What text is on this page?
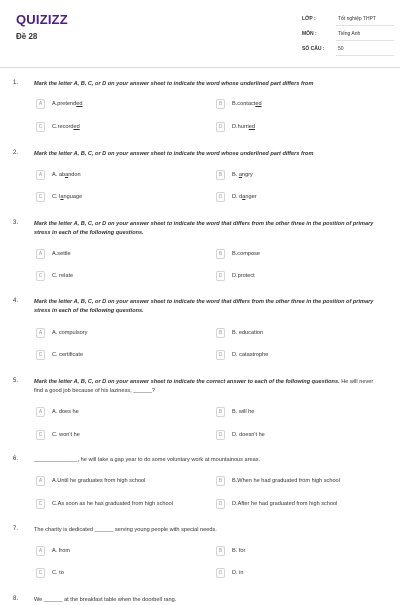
QUIZIZZ
Đề 28
LỚP :	Tốt nghiệp THPT
MÔN :	Tiếng Anh
SỐ CÂU :	50
1.	Mark the letter A, B, C, or D on your answer sheet to indicate the word whose underlined part differs from
A	A.pretended	B	B.contacted
C	C.recorded	D	D.hurried
2.	Mark the letter A, B, C, or D on your answer sheet to indicate the word whose underlined part differs from
A	A. abandon	B	B. angry
C	C. language	D	D. danger
3.	Mark the letter A, B, C, or D on your answer sheet to indicate the word that differs from the other three in the position of primary stress in each of the following questions.
A	A.settle	B	B.compose
C	C. relate	D	D.protect
4.	Mark the letter A, B, C, or D on your answer sheet to indicate the word that differs from the other three in the position of primary stress in each of the following questions.
A	A. compulsory	B	B. education
C	C. certificate	D	D. catastrophe
5.	Mark the letter A, B, C, or D on your answer sheet to indicate the correct answer to each of the following questions. He will never find a good job because of his laziness, ______?
A	A. does he	B	B. will he
C	C. won't he	D	D. doesn't he
6.	______________, he will take a gap year to do some voluntary work at mountainous areas.
A	A.Until he graduates from high school	B	B.When he had graduated from high school
C	C.As soon as he has graduated from high school	D	D.After he had graduated from high school
7.	The charity is dedicated ______ serving young people with special needs.
A	A. from	B	B. for
C	C. to	D	D. in
8.	We ______ at the breakfast table when the doorbell rang.
